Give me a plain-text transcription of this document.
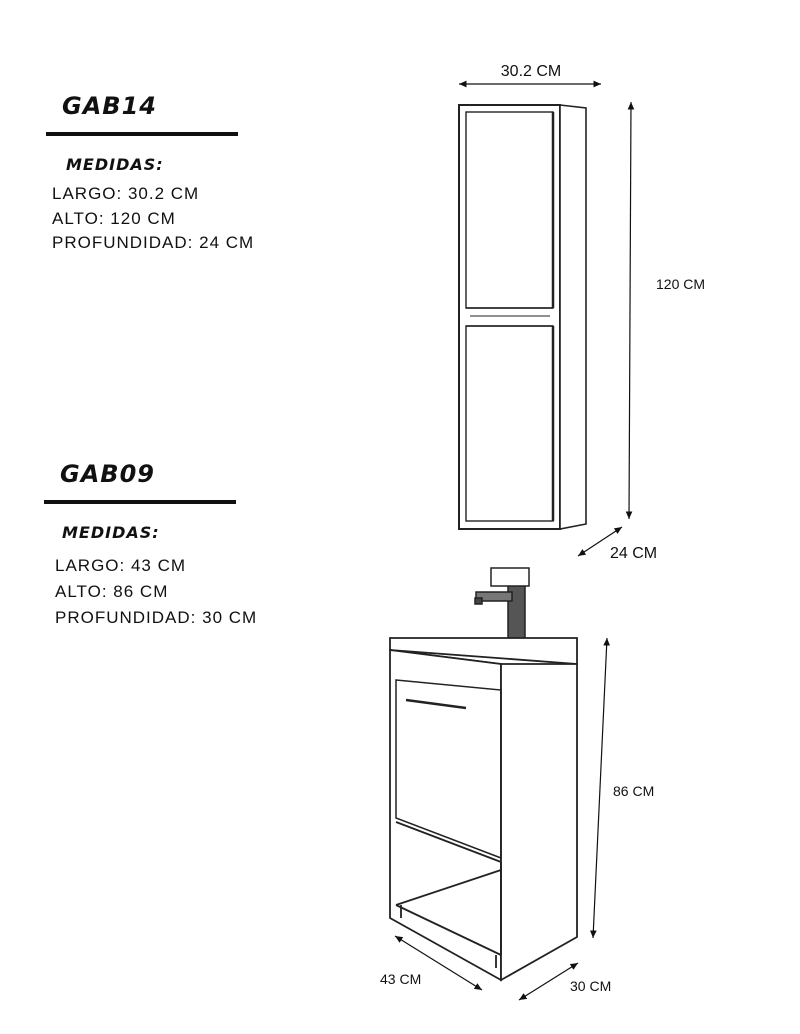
GAB14
MEDIDAS:

LARGO: 30.2 CM

ALTO: 120 CM

PROFUNDIDAD: 24 CM

GAB09
MEDIDAS:

LARGO: 43 CM

ALTO: 86 CM

PROFUNDIDAD: 30 CM

30.2 CM
120 CM
24 CM
86 CM
43 CM	30 CM
